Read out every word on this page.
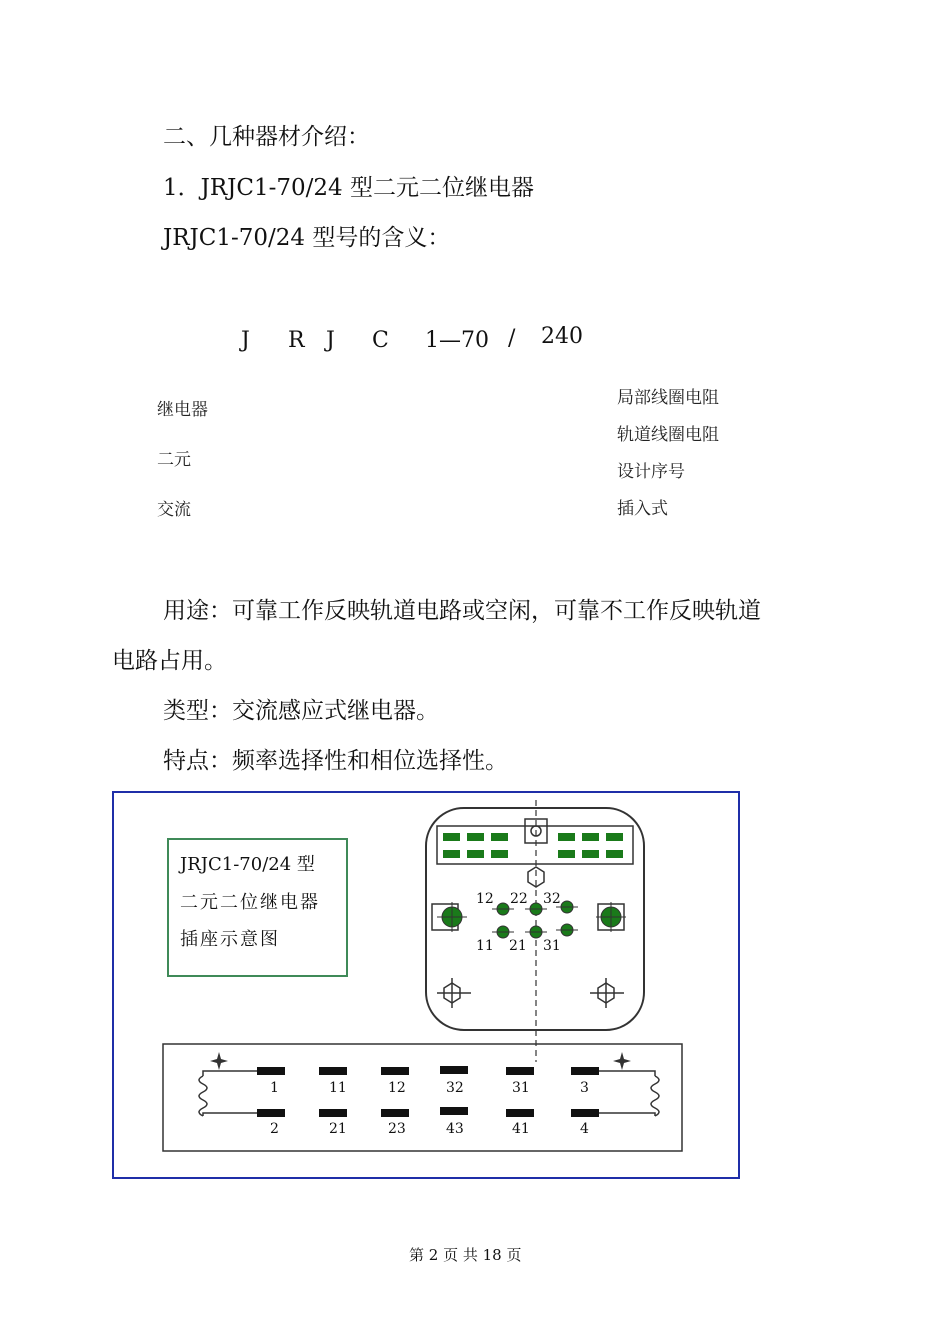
二、几种器材介绍：
1．JRJC1-70/24 型二元二位继电器
JRJC1-70/24 型号的含义：
J R J C 1—70 / 240
继电器
二元
交流
局部线圈电阻
轨道线圈电阻
设计序号
插入式
用途：可靠工作反映轨道电路或空闲，可靠不工作反映轨道
电路占用。
类型：交流感应式继电器。
特点：频率选择性和相位选择性。
JRJC1-70/24 型
二元二位继电器
插座示意图
12 22 32
11 21 31
1	11	12	32	31	3
2	21	23	43	41	4
第 2 页 共 18 页
